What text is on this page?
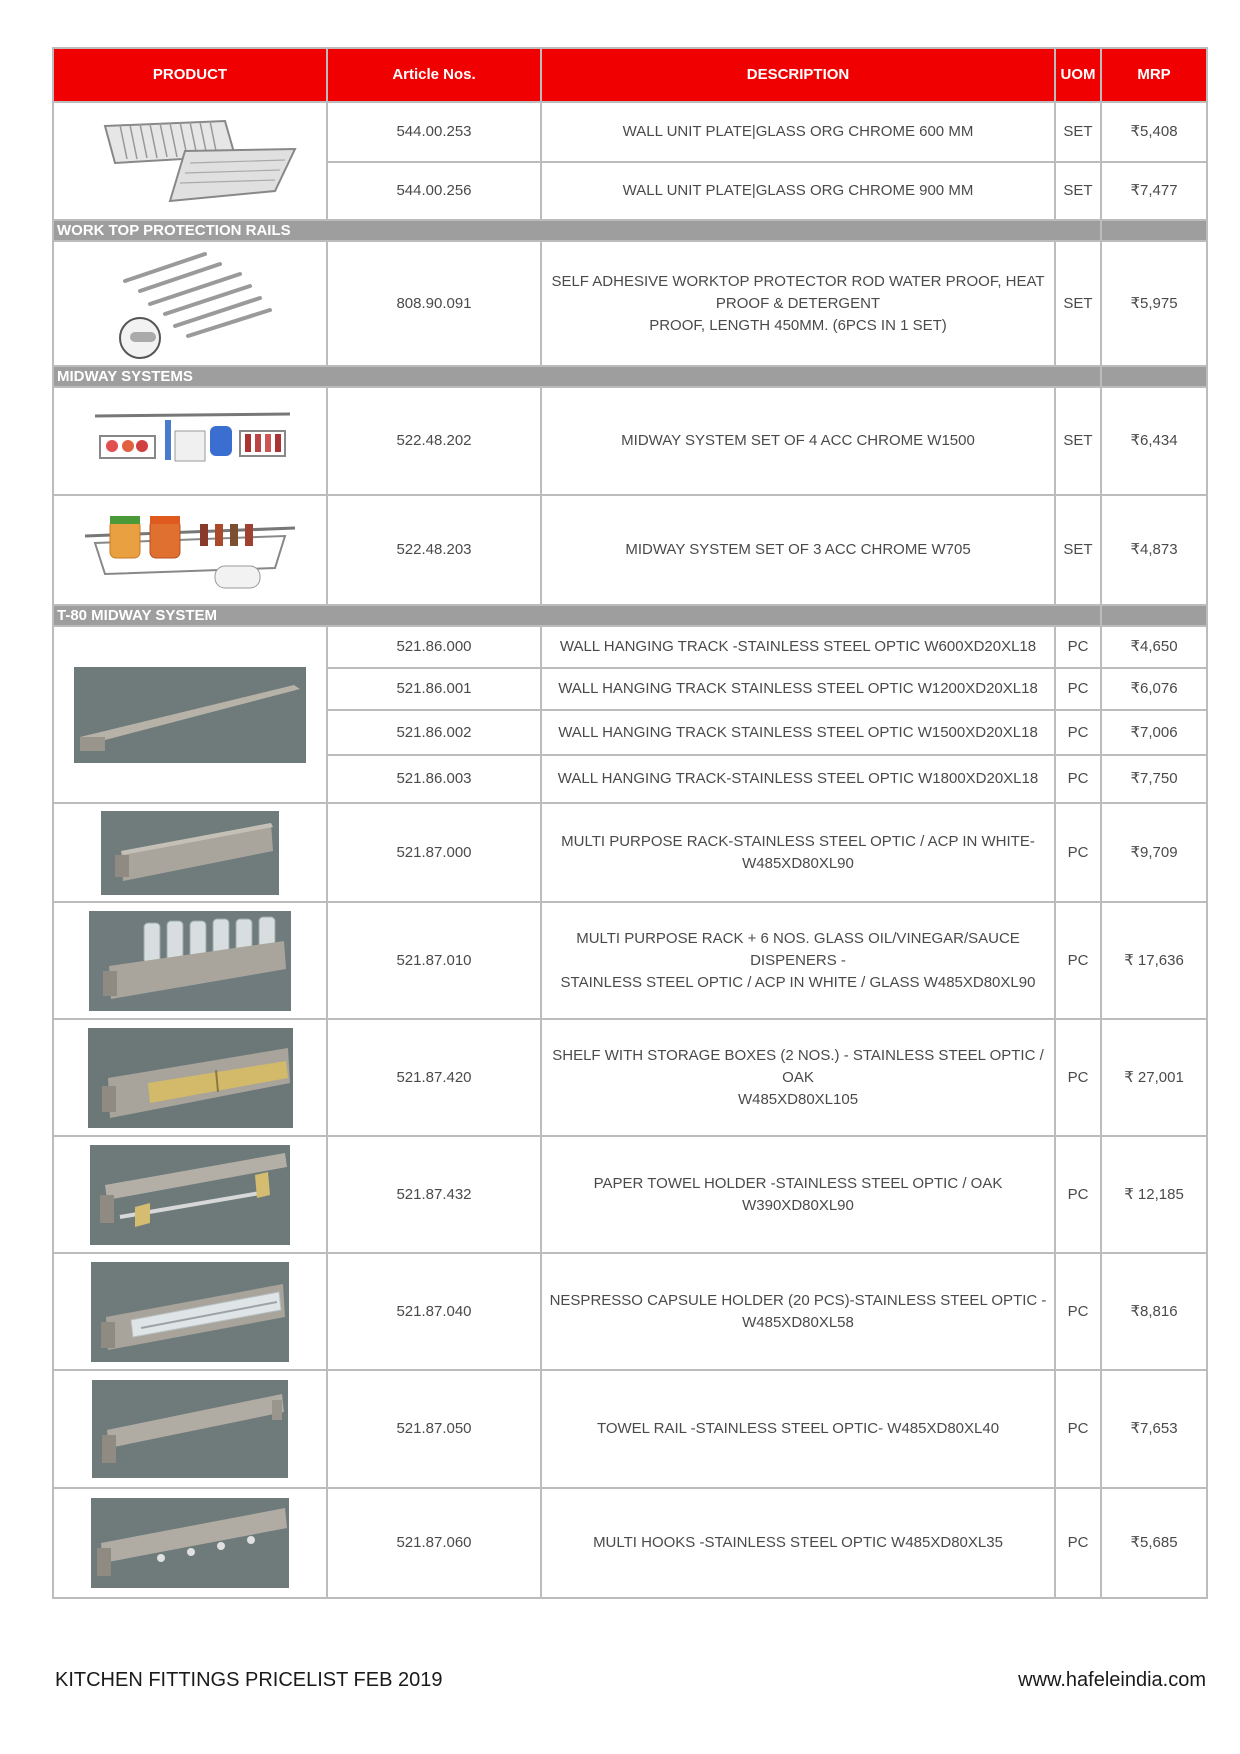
PRODUCT	Article Nos.	DESCRIPTION	UOM	MRP

	544.00.253	WALL UNIT PLATE|GLASS ORG CHROME 600 MM	SET	₹5,408
	544.00.256	WALL UNIT PLATE|GLASS ORG CHROME 900 MM	SET	₹7,477
WORK TOP PROTECTION RAILS				

	808.90.091	SELF ADHESIVE WORKTOP PROTECTOR ROD WATER PROOF, HEAT
PROOF & DETERGENT
PROOF, LENGTH 450MM. (6PCS IN 1 SET)	SET	₹5,975
MIDWAY SYSTEMS				

	522.48.202	MIDWAY SYSTEM SET OF 4 ACC CHROME W1500	SET	₹6,434

	522.48.203	MIDWAY SYSTEM SET OF 3 ACC CHROME W705	SET	₹4,873
T-80 MIDWAY SYSTEM				

	521.86.000	WALL HANGING TRACK -STAINLESS STEEL OPTIC W600XD20XL18	PC	₹4,650
	521.86.001	WALL HANGING TRACK STAINLESS STEEL OPTIC W1200XD20XL18	PC	₹6,076
	521.86.002	WALL HANGING TRACK STAINLESS STEEL OPTIC W1500XD20XL18	PC	₹7,006
	521.86.003	WALL HANGING TRACK-STAINLESS STEEL OPTIC W1800XD20XL18	PC	₹7,750

	521.87.000	MULTI PURPOSE RACK-STAINLESS STEEL OPTIC / ACP IN WHITE-
W485XD80XL90	PC	₹9,709

	521.87.010	MULTI PURPOSE RACK + 6 NOS. GLASS OIL/VINEGAR/SAUCE DISPENERS -
STAINLESS STEEL OPTIC / ACP IN WHITE / GLASS W485XD80XL90	PC	₹ 17,636

	521.87.420	SHELF WITH STORAGE BOXES (2 NOS.) - STAINLESS STEEL OPTIC / OAK
W485XD80XL105	PC	₹ 27,001

	521.87.432	PAPER TOWEL HOLDER -STAINLESS STEEL OPTIC / OAK W390XD80XL90	PC	₹ 12,185

	521.87.040	NESPRESSO CAPSULE HOLDER (20 PCS)-STAINLESS STEEL OPTIC -
W485XD80XL58	PC	₹8,816

	521.87.050	TOWEL RAIL -STAINLESS STEEL OPTIC- W485XD80XL40	PC	₹7,653

	521.87.060	MULTI HOOKS -STAINLESS STEEL OPTIC W485XD80XL35	PC	₹5,685
KITCHEN FITTINGS PRICELIST FEB 2019	www.hafeleindia.com
